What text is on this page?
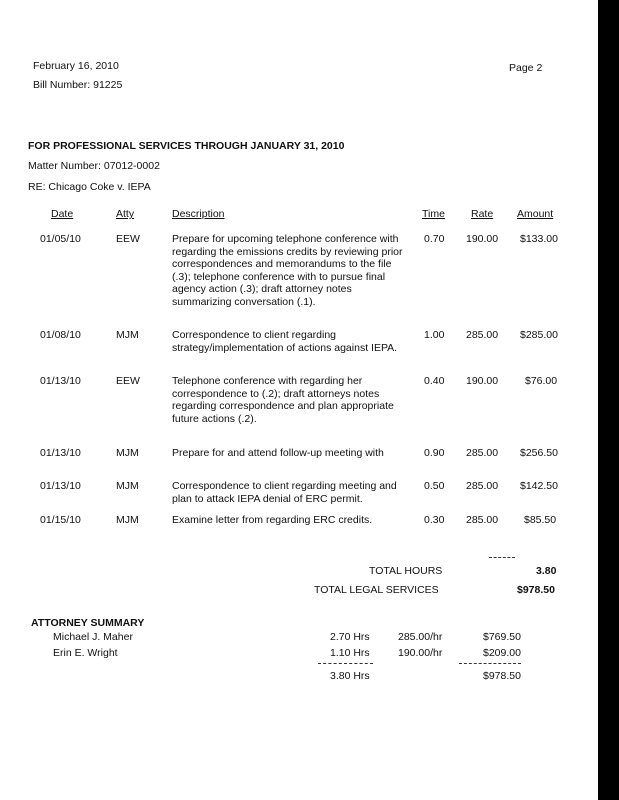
February 16, 2010
Bill Number: 91225
Page 2
FOR PROFESSIONAL SERVICES THROUGH JANUARY 31, 2010
Matter Number: 07012-0002
RE: Chicago Coke v. IEPA
Date	Atty	Description	Time Rate Amount
01/05/10	EEW	Prepare for upcoming telephone conference with regarding the emissions credits by reviewing prior correspondences and memorandums to the file (.3); telephone conference with to pursue final agency action (.3); draft attorney notes summarizing conversation (.1).
0.70 190.00 $133.00
01/08/10	MJM	Correspondence to client regarding strategy/implementation of actions against IEPA.
1.00 285.00 $285.00
01/13/10	EEW	Telephone conference with regarding her correspondence to (.2); draft attorneys notes regarding correspondence and plan appropriate future actions (.2).
0.40 190.00	$76.00
01/13/10	MJM	Prepare for and attend follow-up meeting with	0.90 285.00 $256.50
01/13/10	MJM	Correspondence to client regarding meeting and plan to attack IEPA denial of ERC permit.
0.50 285.00 $142.50
01/15/10	MJM	Examine letter from regarding ERC credits.	0.30 285.00 $85.50
TOTAL HOURS	3.80
TOTAL LEGAL SERVICES	$978.50
ATTORNEY SUMMARY
Michael J. Maher	2.70 Hrs	285.00/hr	$769.50
Erin E. Wright	1.10 Hrs	190.00/hr	$209.00
3.80 Hrs	$978.50
